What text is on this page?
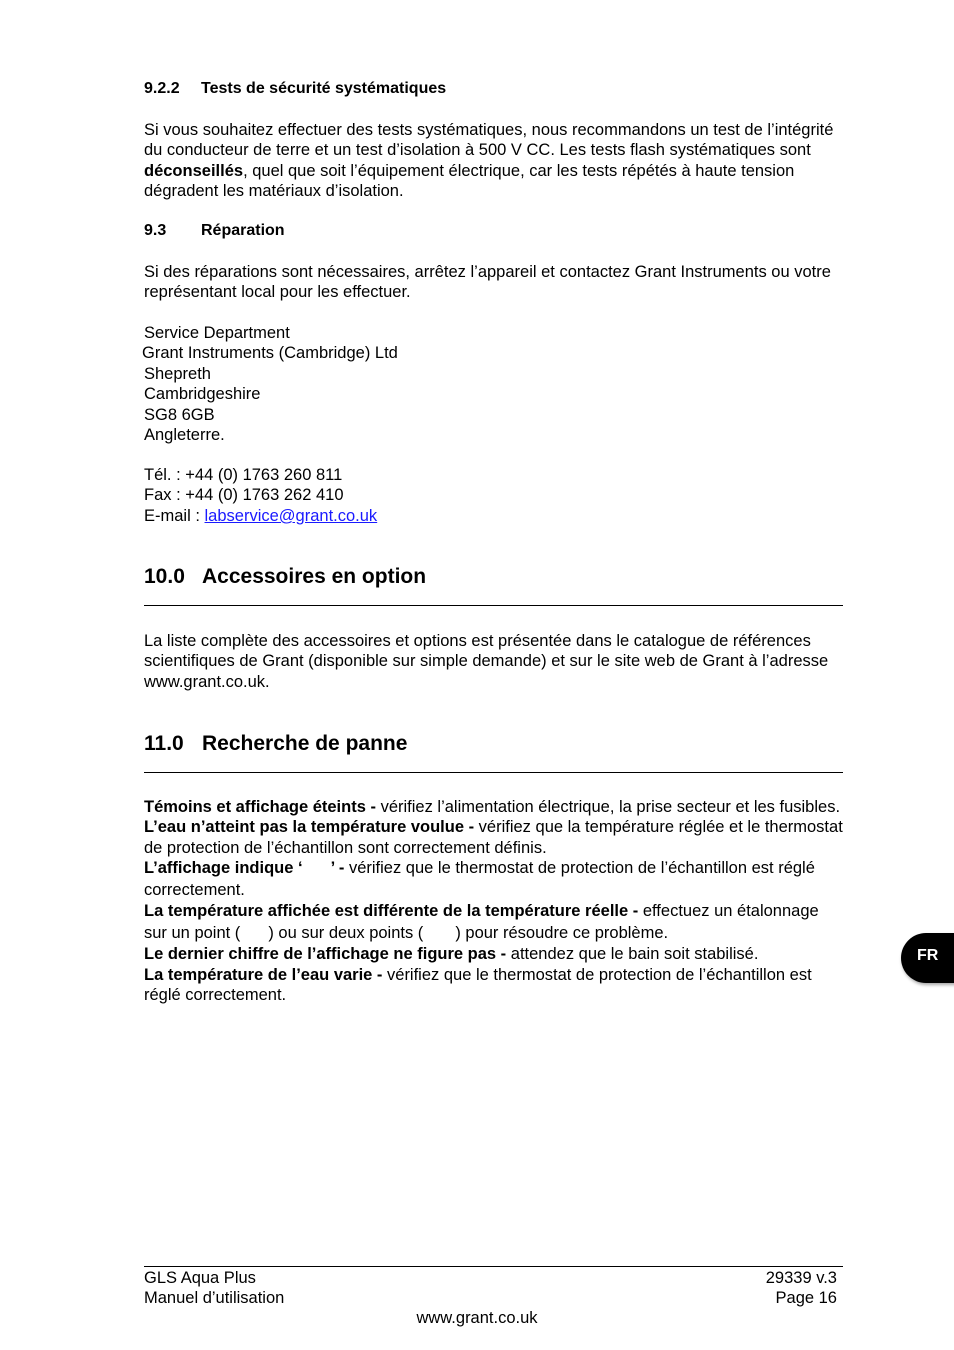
9.2.2 Tests de sécurité systématiques
Si vous souhaitez effectuer des tests systématiques, nous recommandons un test de l’intégrité du conducteur de terre et un test d’isolation à 500 V CC. Les tests flash systématiques sont déconseillés, quel que soit l’équipement électrique, car les tests répétés à haute tension dégradent les matériaux d’isolation.
9.3 Réparation
Si des réparations sont nécessaires, arrêtez l’appareil et contactez Grant Instruments ou votre représentant local pour les effectuer.
Service Department
Grant Instruments (Cambridge) Ltd
Shepreth
Cambridgeshire
SG8 6GB
Angleterre.
Tél. : +44 (0) 1763 260 811
Fax : +44 (0) 1763 262 410
E-mail : labservice@grant.co.uk
10.0 Accessoires en option
La liste complète des accessoires et options est présentée dans le catalogue de références scientifiques de Grant (disponible sur simple demande) et sur le site web de Grant à l’adresse www.grant.co.uk.
11.0 Recherche de panne
Témoins et affichage éteints - vérifiez l’alimentation électrique, la prise secteur et les fusibles.
L’eau n’atteint pas la température voulue - vérifiez que la température réglée et le thermostat de protection de l’échantillon sont correctement définis.
L’affichage indique ‘ ’ - vérifiez que le thermostat de protection de l’échantillon est réglé correctement.
La température affichée est différente de la température réelle - effectuez un étalonnage sur un point ( ) ou sur deux points ( ) pour résoudre ce problème.
Le dernier chiffre de l’affichage ne figure pas - attendez que le bain soit stabilisé.
La température de l’eau varie - vérifiez que le thermostat de protection de l’échantillon est réglé correctement.
FR
GLS Aqua Plus
Manuel d’utilisation
29339 v.3
Page 16
www.grant.co.uk
